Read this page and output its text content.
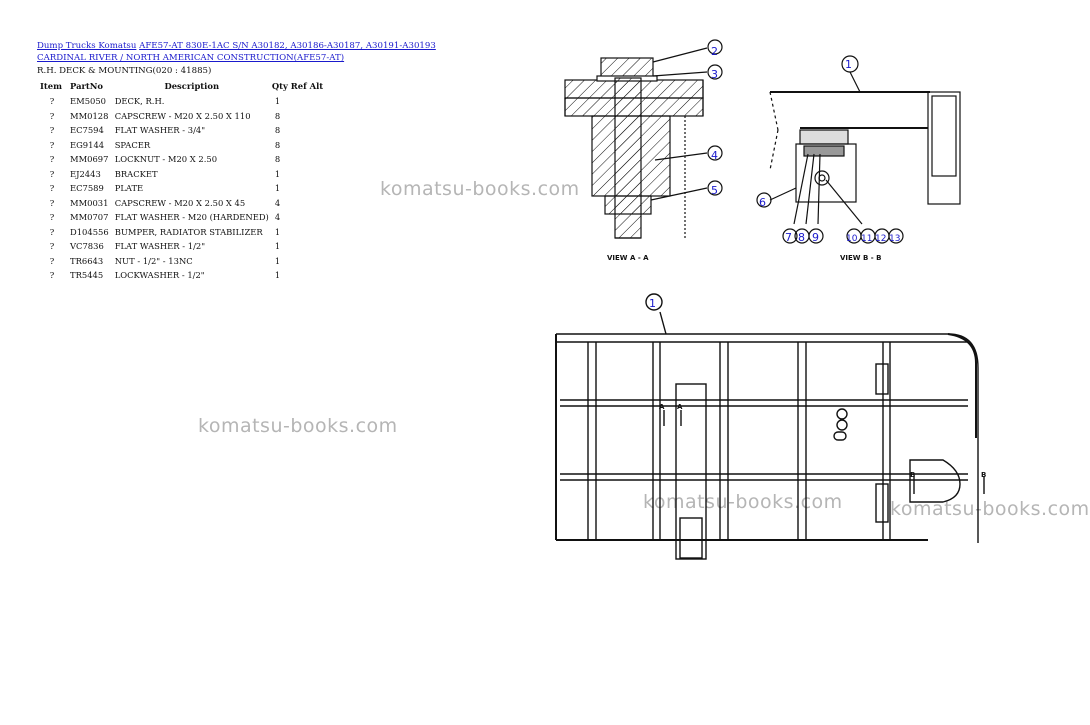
Dump Trucks Komatsu AFE57-AT 830E-1AC S/N A30182, A30186-A30187, A30191-A30193
CARDINAL RIVER / NORTH AMERICAN CONSTRUCTION(AFE57-AT)
R.H. DECK & MOUNTING(020 : 41885)
Item	PartNo	Description	Qty Ref Alt
?	EM5050	DECK, R.H.	1
?	MM0128	CAPSCREW - M20 X 2.50 X 110	8
?	EC7594	FLAT WASHER - 3/4"	8
?	EG9144	SPACER	8
?	MM0697	LOCKNUT - M20 X 2.50	8
?	EJ2443	BRACKET	1
?	EC7589	PLATE	1
?	MM0031	CAPSCREW - M20 X 2.50 X 45	4
?	MM0707	FLAT WASHER - M20 (HARDENED)	4
?	D104556	BUMPER, RADIATOR STABILIZER	1
?	VC7836	FLAT WASHER - 1/2"	1
?	TR6643	NUT - 1/2" - 13NC	1
?	TR5445	LOCKWASHER - 1/2"	1
komatsu-books.com
komatsu-books.com
komatsu-books.com komatsu-books.com
2
3
4
5
VIEW A - A
1
6
7 8 9	10 11 12 13
VIEW B - B
1
A A
B	B
